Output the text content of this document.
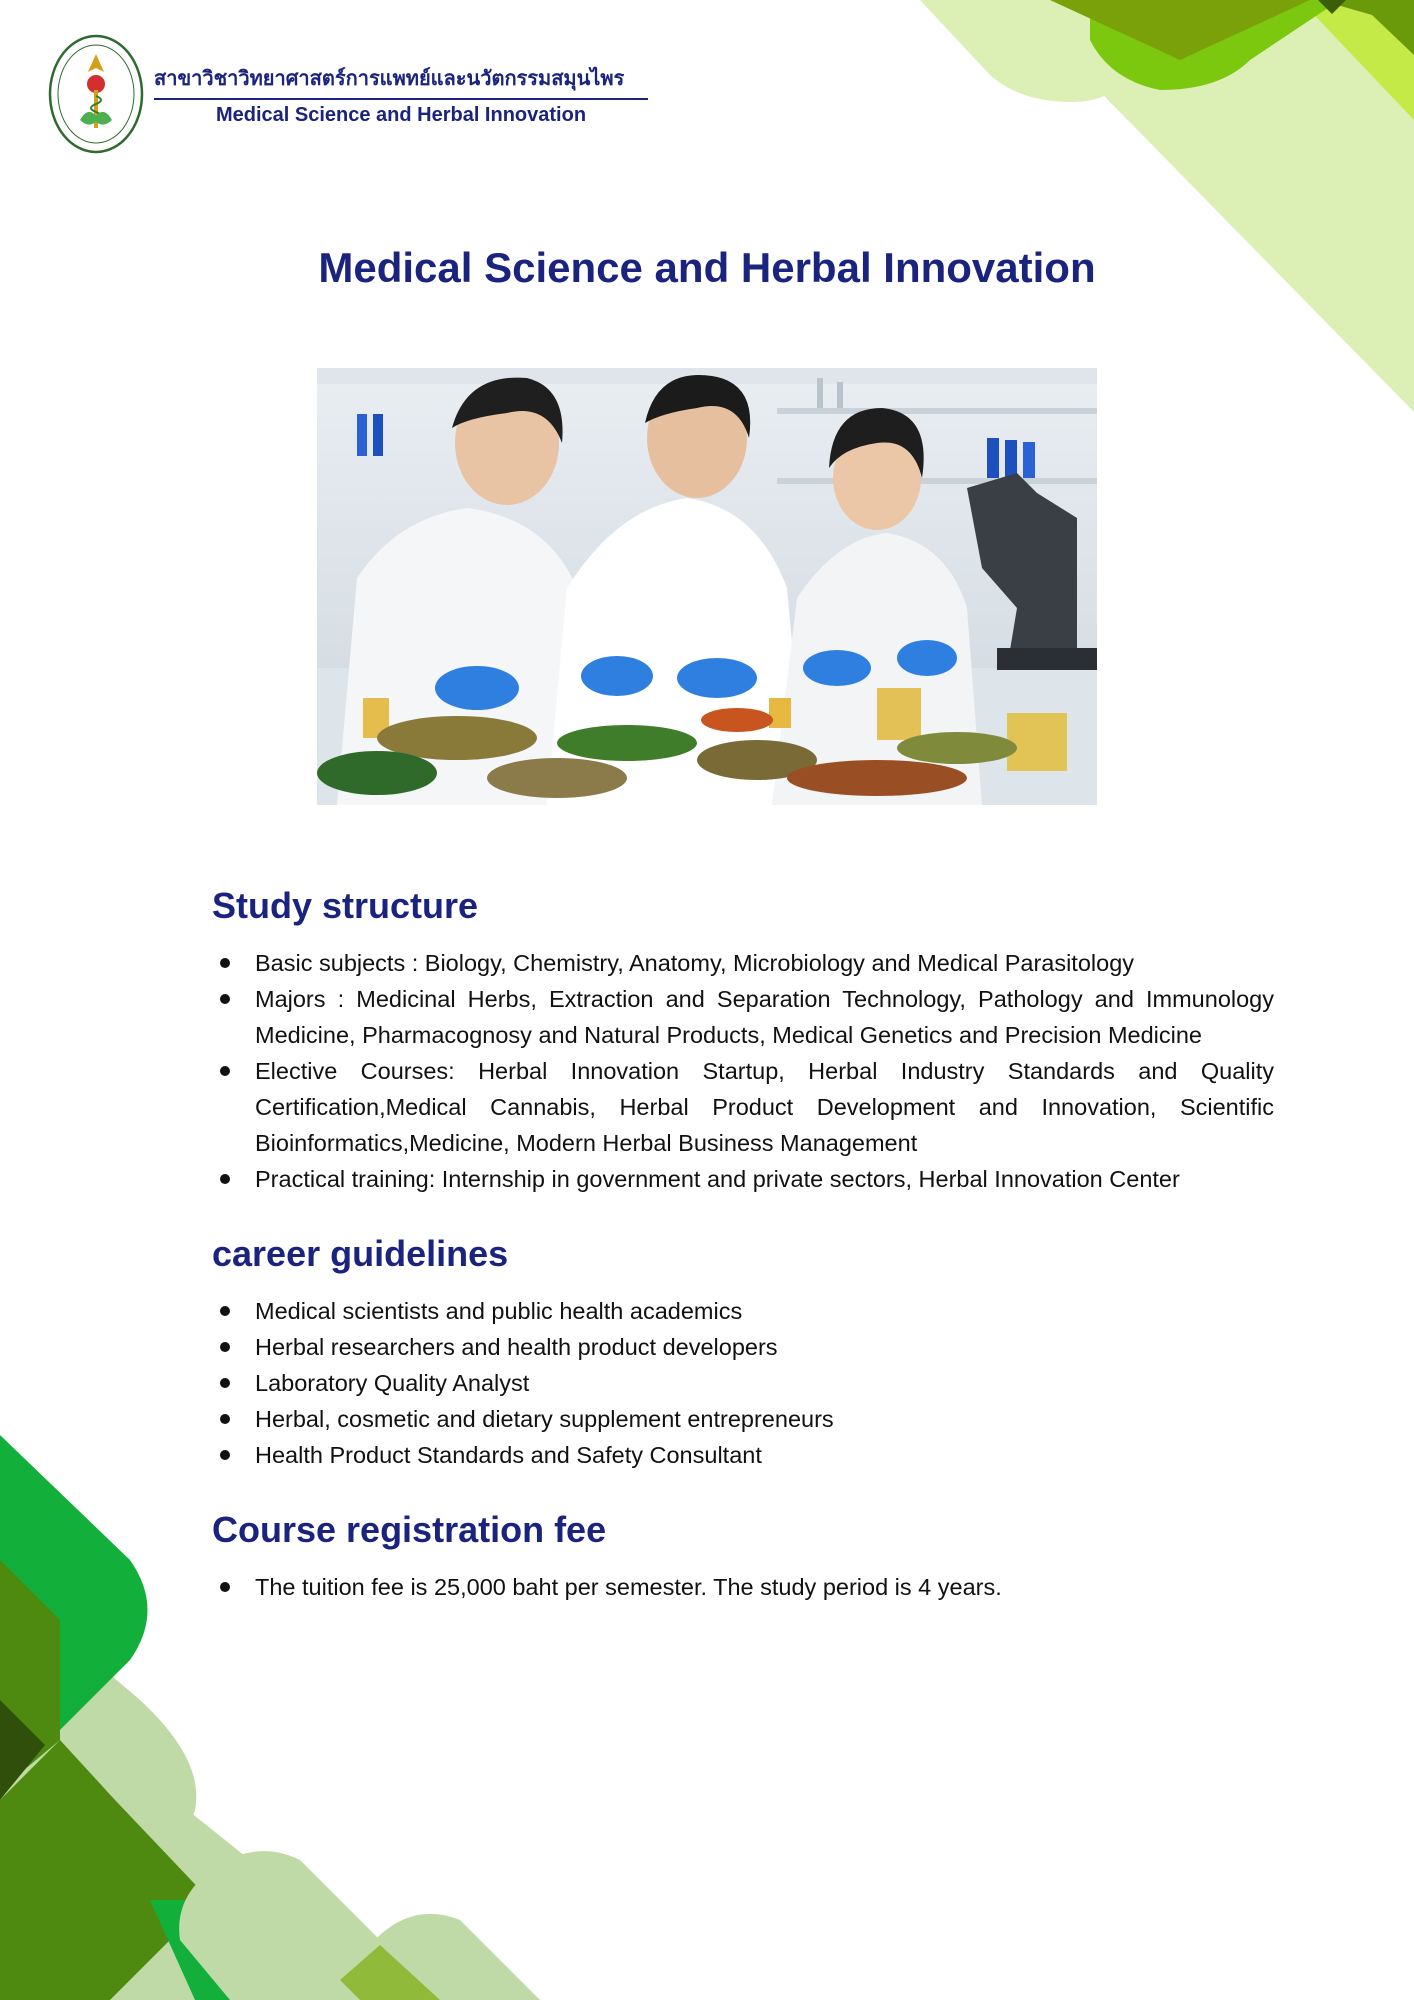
สาขาวิชาวิทยาศาสตร์การแพทย์และนวัตกรรมสมุนไพร
Medical Science and Herbal Innovation
Medical Science and Herbal Innovation
Study structure
Basic subjects : Biology, Chemistry, Anatomy, Microbiology and Medical Parasitology
Majors : Medicinal Herbs, Extraction and Separation Technology, Pathology and Immunology Medicine, Pharmacognosy and Natural Products, Medical Genetics and Precision Medicine
Elective Courses: Herbal Innovation Startup, Herbal Industry Standards and Quality Certification,Medical Cannabis, Herbal Product Development and Innovation, Scientific Bioinformatics,Medicine, Modern Herbal Business Management
Practical training: Internship in government and private sectors, Herbal Innovation Center
career guidelines
Medical scientists and public health academics
Herbal researchers and health product developers
Laboratory Quality Analyst
Herbal, cosmetic and dietary supplement entrepreneurs
Health Product Standards and Safety Consultant
Course registration fee
The tuition fee is 25,000 baht per semester. The study period is 4 years.
